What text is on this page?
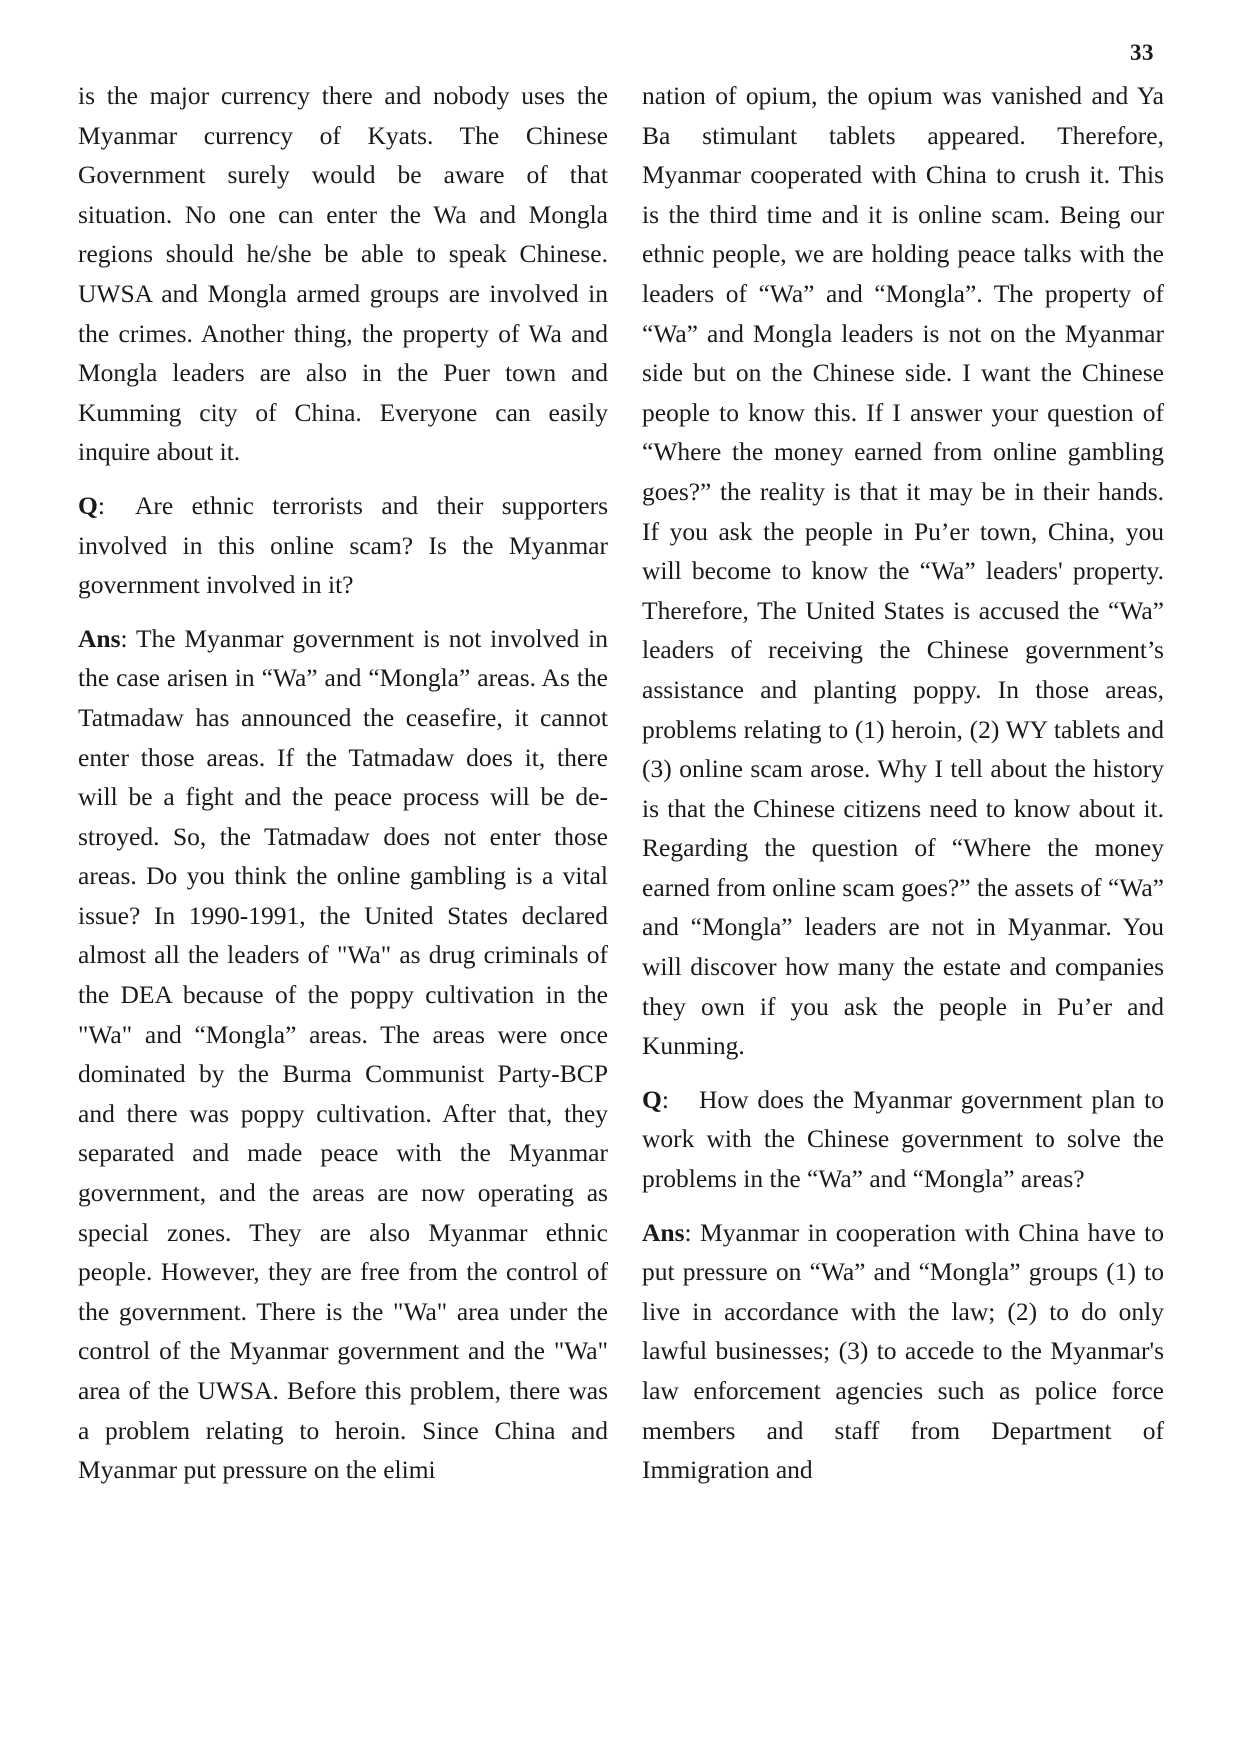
33

is the major currency there and nobody uses the Myanmar currency of Kyats. The Chinese Government surely would be aware of that situation. No one can enter the Wa and Mongla regions should he/she be able to speak Chinese. UWSA and Mongla armed groups are involved in the crimes. Another thing, the property of Wa and Mongla leaders are also in the Puer town and Kumming city of China. Everyone can easily inquire about it.

Q: Are ethnic terrorists and their supporters involved in this online scam? Is the Myanmar government involved in it?

Ans: The Myanmar government is not involved in the case arisen in “Wa” and “Mongla” areas. As the Tatmadaw has announced the ceasefire, it cannot enter those areas. If the Tatmadaw does it, there will be a fight and the peace process will be destroyed. So, the Tatmadaw does not enter those areas. Do you think the online gambling is a vital issue? In 1990-1991, the United States declared almost all the leaders of "Wa" as drug criminals of the DEA because of the poppy cultivation in the "Wa" and “Mongla” areas. The areas were once dominated by the Burma Communist Party-BCP and there was poppy cultivation. After that, they separated and made peace with the Myanmar government, and the areas are now operating as special zones. They are also Myanmar ethnic people. However, they are free from the control of the government. There is the "Wa" area under the control of the Myanmar government and the "Wa" area of the UWSA. Before this problem, there was a problem relating to heroin. Since China and Myanmar put pressure on the elimi

nation of opium, the opium was vanished and Ya Ba stimulant tablets appeared. Therefore, Myanmar cooperated with China to crush it. This is the third time and it is online scam. Being our ethnic people, we are holding peace talks with the leaders of “Wa” and “Mongla”. The property of “Wa” and Mongla leaders is not on the Myanmar side but on the Chinese side. I want the Chinese people to know this. If I answer your question of “Where the money earned from online gambling goes?” the reality is that it may be in their hands. If you ask the people in Pu’er town, China, you will become to know the “Wa” leaders' property. Therefore, The United States is accused the “Wa” leaders of receiving the Chinese government’s assistance and planting poppy. In those areas, problems relating to (1) heroin, (2) WY tablets and (3) online scam arose. Why I tell about the history is that the Chinese citizens need to know about it. Regarding the question of “Where the money earned from online scam goes?” the assets of “Wa” and “Mongla” leaders are not in Myanmar. You will discover how many the estate and companies they own if you ask the people in Pu’er and Kunming.

Q: How does the Myanmar government plan to work with the Chinese government to solve the problems in the “Wa” and “Mongla” areas?

Ans: Myanmar in cooperation with China have to put pressure on “Wa” and “Mongla” groups (1) to live in accordance with the law; (2) to do only lawful businesses; (3) to accede to the Myanmar's law enforcement agencies such as police force members and staff from Department of Immigration and
